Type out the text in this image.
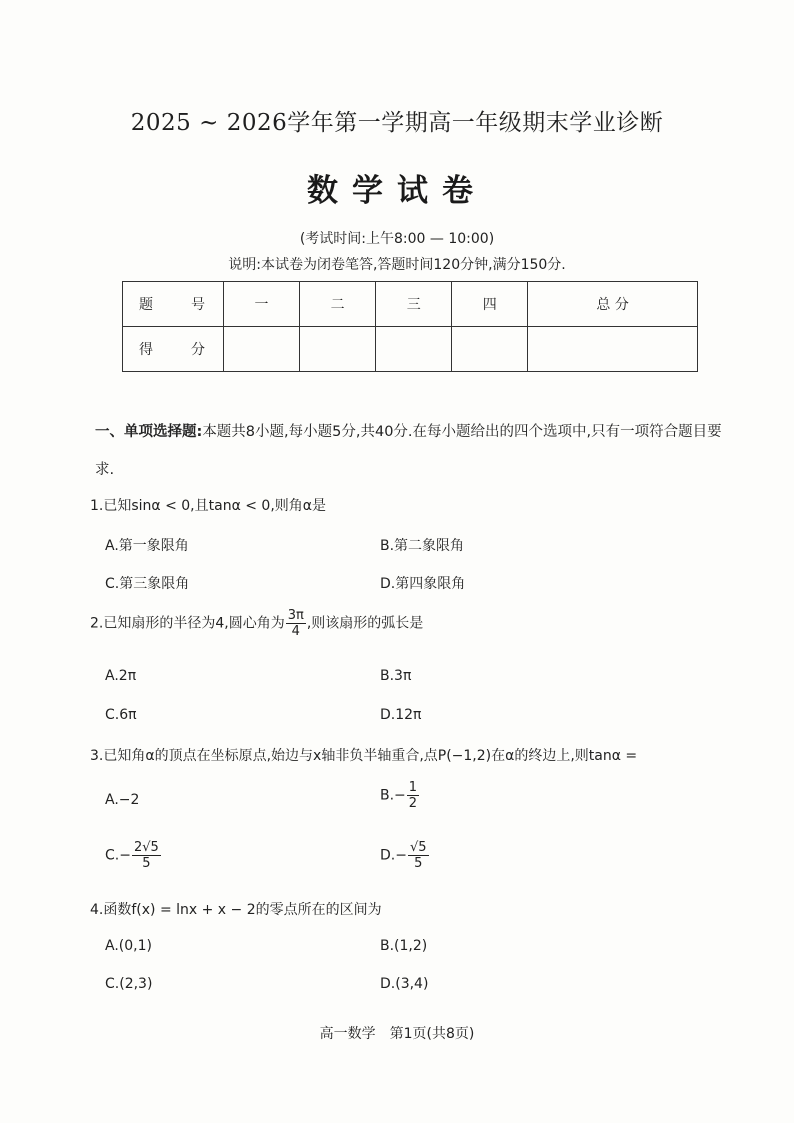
2025 ~ 2026学年第一学期高一年级期末学业诊断
数学试卷
(考试时间:上午8:00 — 10:00)
说明:本试卷为闭卷笔答,答题时间120分钟,满分150分.
题　号	一	二	三	四	总 分
得　分					
一、单项选择题:本题共8小题,每小题5分,共40分.在每小题给出的四个选项中,只有一项符合题目要求.
1.已知sinα < 0,且tanα < 0,则角α是
A.第一象限角	B.第二象限角
C.第三象限角	D.第四象限角
2.已知扇形的半径为4,圆心角为 $\frac{3\pi}{4}$ ,则该扇形的弧长是
A.2π	B.3π
C.6π	D.12π
3.已知角α的顶点在坐标原点,始边与x轴非负半轴重合,点P(−1,2)在α的终边上,则tanα =
A.−2	$B.- \frac{1}{2}$
$C.- \frac{2√5}{5}$	$D.- \frac{√5}{5}$
4.函数f(x) = lnx + x − 2的零点所在的区间为
A.(0,1)	B.(1,2)
C.(2,3)	D.(3,4)
高一数学　第1页(共8页)
